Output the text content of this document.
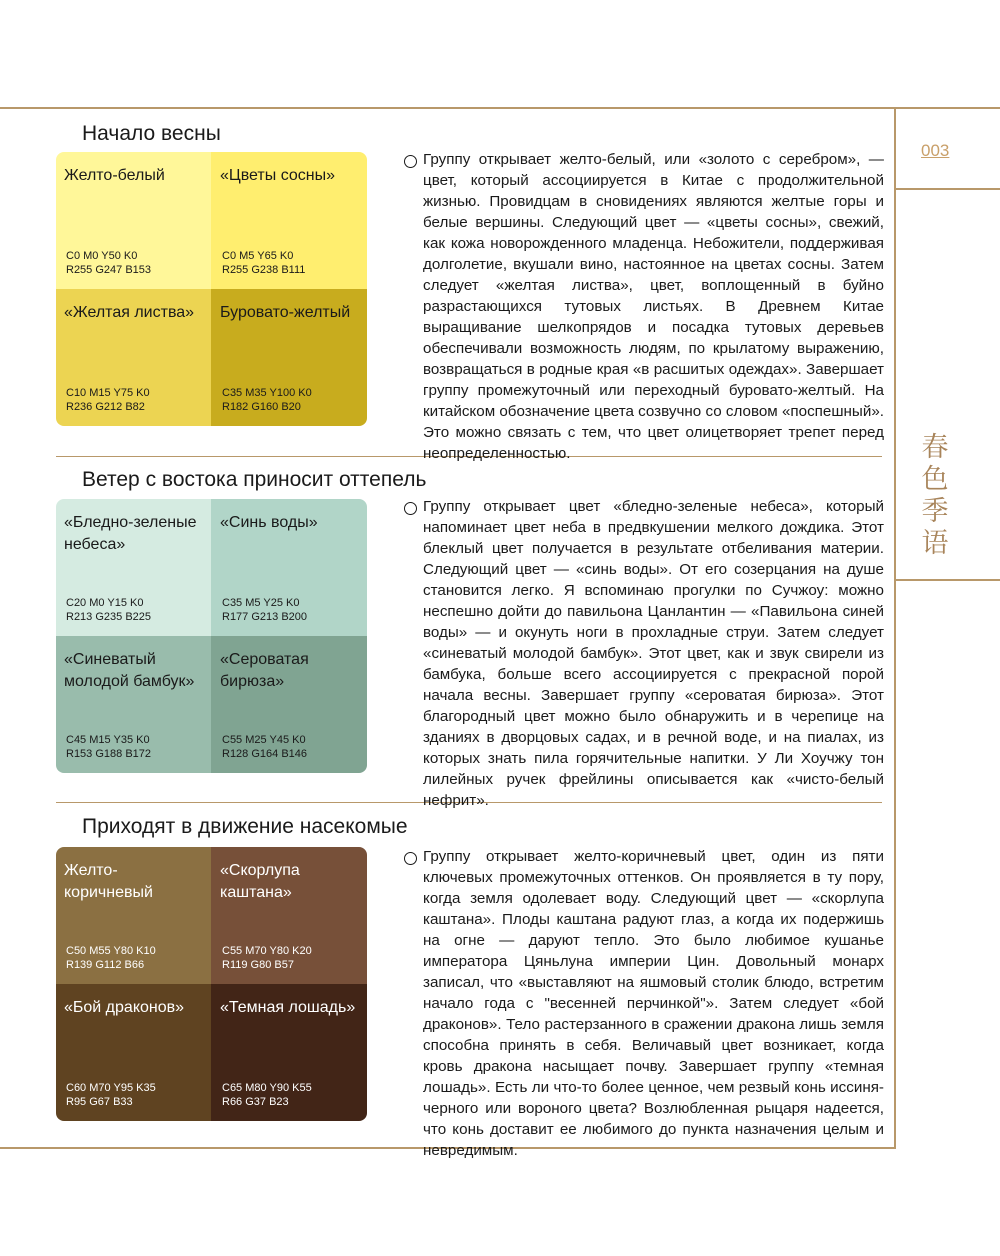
003
春色季语
Начало весны
Желто-белый
C0 M0 Y50 K0
R255 G247 B153
«Цветы сосны»
C0 M5 Y65 K0
R255 G238 B111
«Желтая листва»
C10 M15 Y75 K0
R236 G212 B82
Буровато-желтый
C35 M35 Y100 K0
R182 G160 B20
Группу открывает желто-белый, или «золото с серебром», — цвет, который ассоциируется в Китае с продолжительной жизнью. Провидцам в сновидениях являются желтые горы и белые вершины. Следующий цвет — «цветы сосны», свежий, как кожа новорожденного младенца. Небожители, поддерживая долголетие, вкушали вино, настоянное на цветах сосны. Затем следует «желтая листва», цвет, воплощенный в буйно разрастающихся тутовых листьях. В Древнем Китае выращивание шелкопрядов и посадка тутовых деревьев обеспечивали возможность людям, по крылатому выражению, возвращаться в родные края «в расшитых одеждах». Завершает группу промежуточный или переходный буровато-желтый. На китайском обозначение цвета созвучно со словом «поспешный». Это можно связать с тем, что цвет олицетворяет трепет перед неопределенностью.
Ветер с востока приносит оттепель
«Бледно-зеленые небеса»
C20 M0 Y15 K0
R213 G235 B225
«Синь воды»
C35 M5 Y25 K0
R177 G213 B200
«Синеватый молодой бамбук»
C45 M15 Y35 K0
R153 G188 B172
«Сероватая бирюза»
C55 M25 Y45 K0
R128 G164 B146
Группу открывает цвет «бледно-зеленые небеса», который напоминает цвет неба в предвкушении мелкого дождика. Этот блеклый цвет получается в результате отбеливания материи. Следующий цвет — «синь воды». От его созерцания на душе становится легко. Я вспоминаю прогулки по Сучжоу: можно неспешно дойти до павильона Цанлантин — «Павильона синей воды» — и окунуть ноги в прохладные струи. Затем следует «синеватый молодой бамбук». Этот цвет, как и звук свирели из бамбука, больше всего ассоциируется с прекрасной порой начала весны. Завершает группу «сероватая бирюза». Этот благородный цвет можно было обнаружить и в черепице на зданиях в дворцовых садах, и в речной воде, и на пиалах, из которых знать пила горячительные напитки. У Ли Хоучжу тон лилейных ручек фрейлины описывается как «чисто-белый нефрит».
Приходят в движение насекомые
Желто-коричневый
C50 M55 Y80 K10
R139 G112 B66
«Скорлупа каштана»
C55 M70 Y80 K20
R119 G80 B57
«Бой драконов»
C60 M70 Y95 K35
R95 G67 B33
«Темная лошадь»
C65 M80 Y90 K55
R66 G37 B23
Группу открывает желто-коричневый цвет, один из пяти ключевых промежуточных оттенков. Он проявляется в ту пору, когда земля одолевает воду. Следующий цвет — «скорлупа каштана». Плоды каштана радуют глаз, а когда их подержишь на огне — даруют тепло. Это было любимое кушанье императора Цяньлуна империи Цин. Довольный монарх записал, что «выставляют на яшмовый столик блюдо, встретим начало года с "весенней перчинкой"». Затем следует «бой драконов». Тело растерзанного в сражении дракона лишь земля способна принять в себя. Величавый цвет возникает, когда кровь дракона насыщает почву. Завершает группу «темная лошадь». Есть ли что-то более ценное, чем резвый конь иссиня-черного или вороного цвета? Возлюбленная рыцаря надеется, что конь доставит ее любимого до пункта назначения целым и невредимым.
